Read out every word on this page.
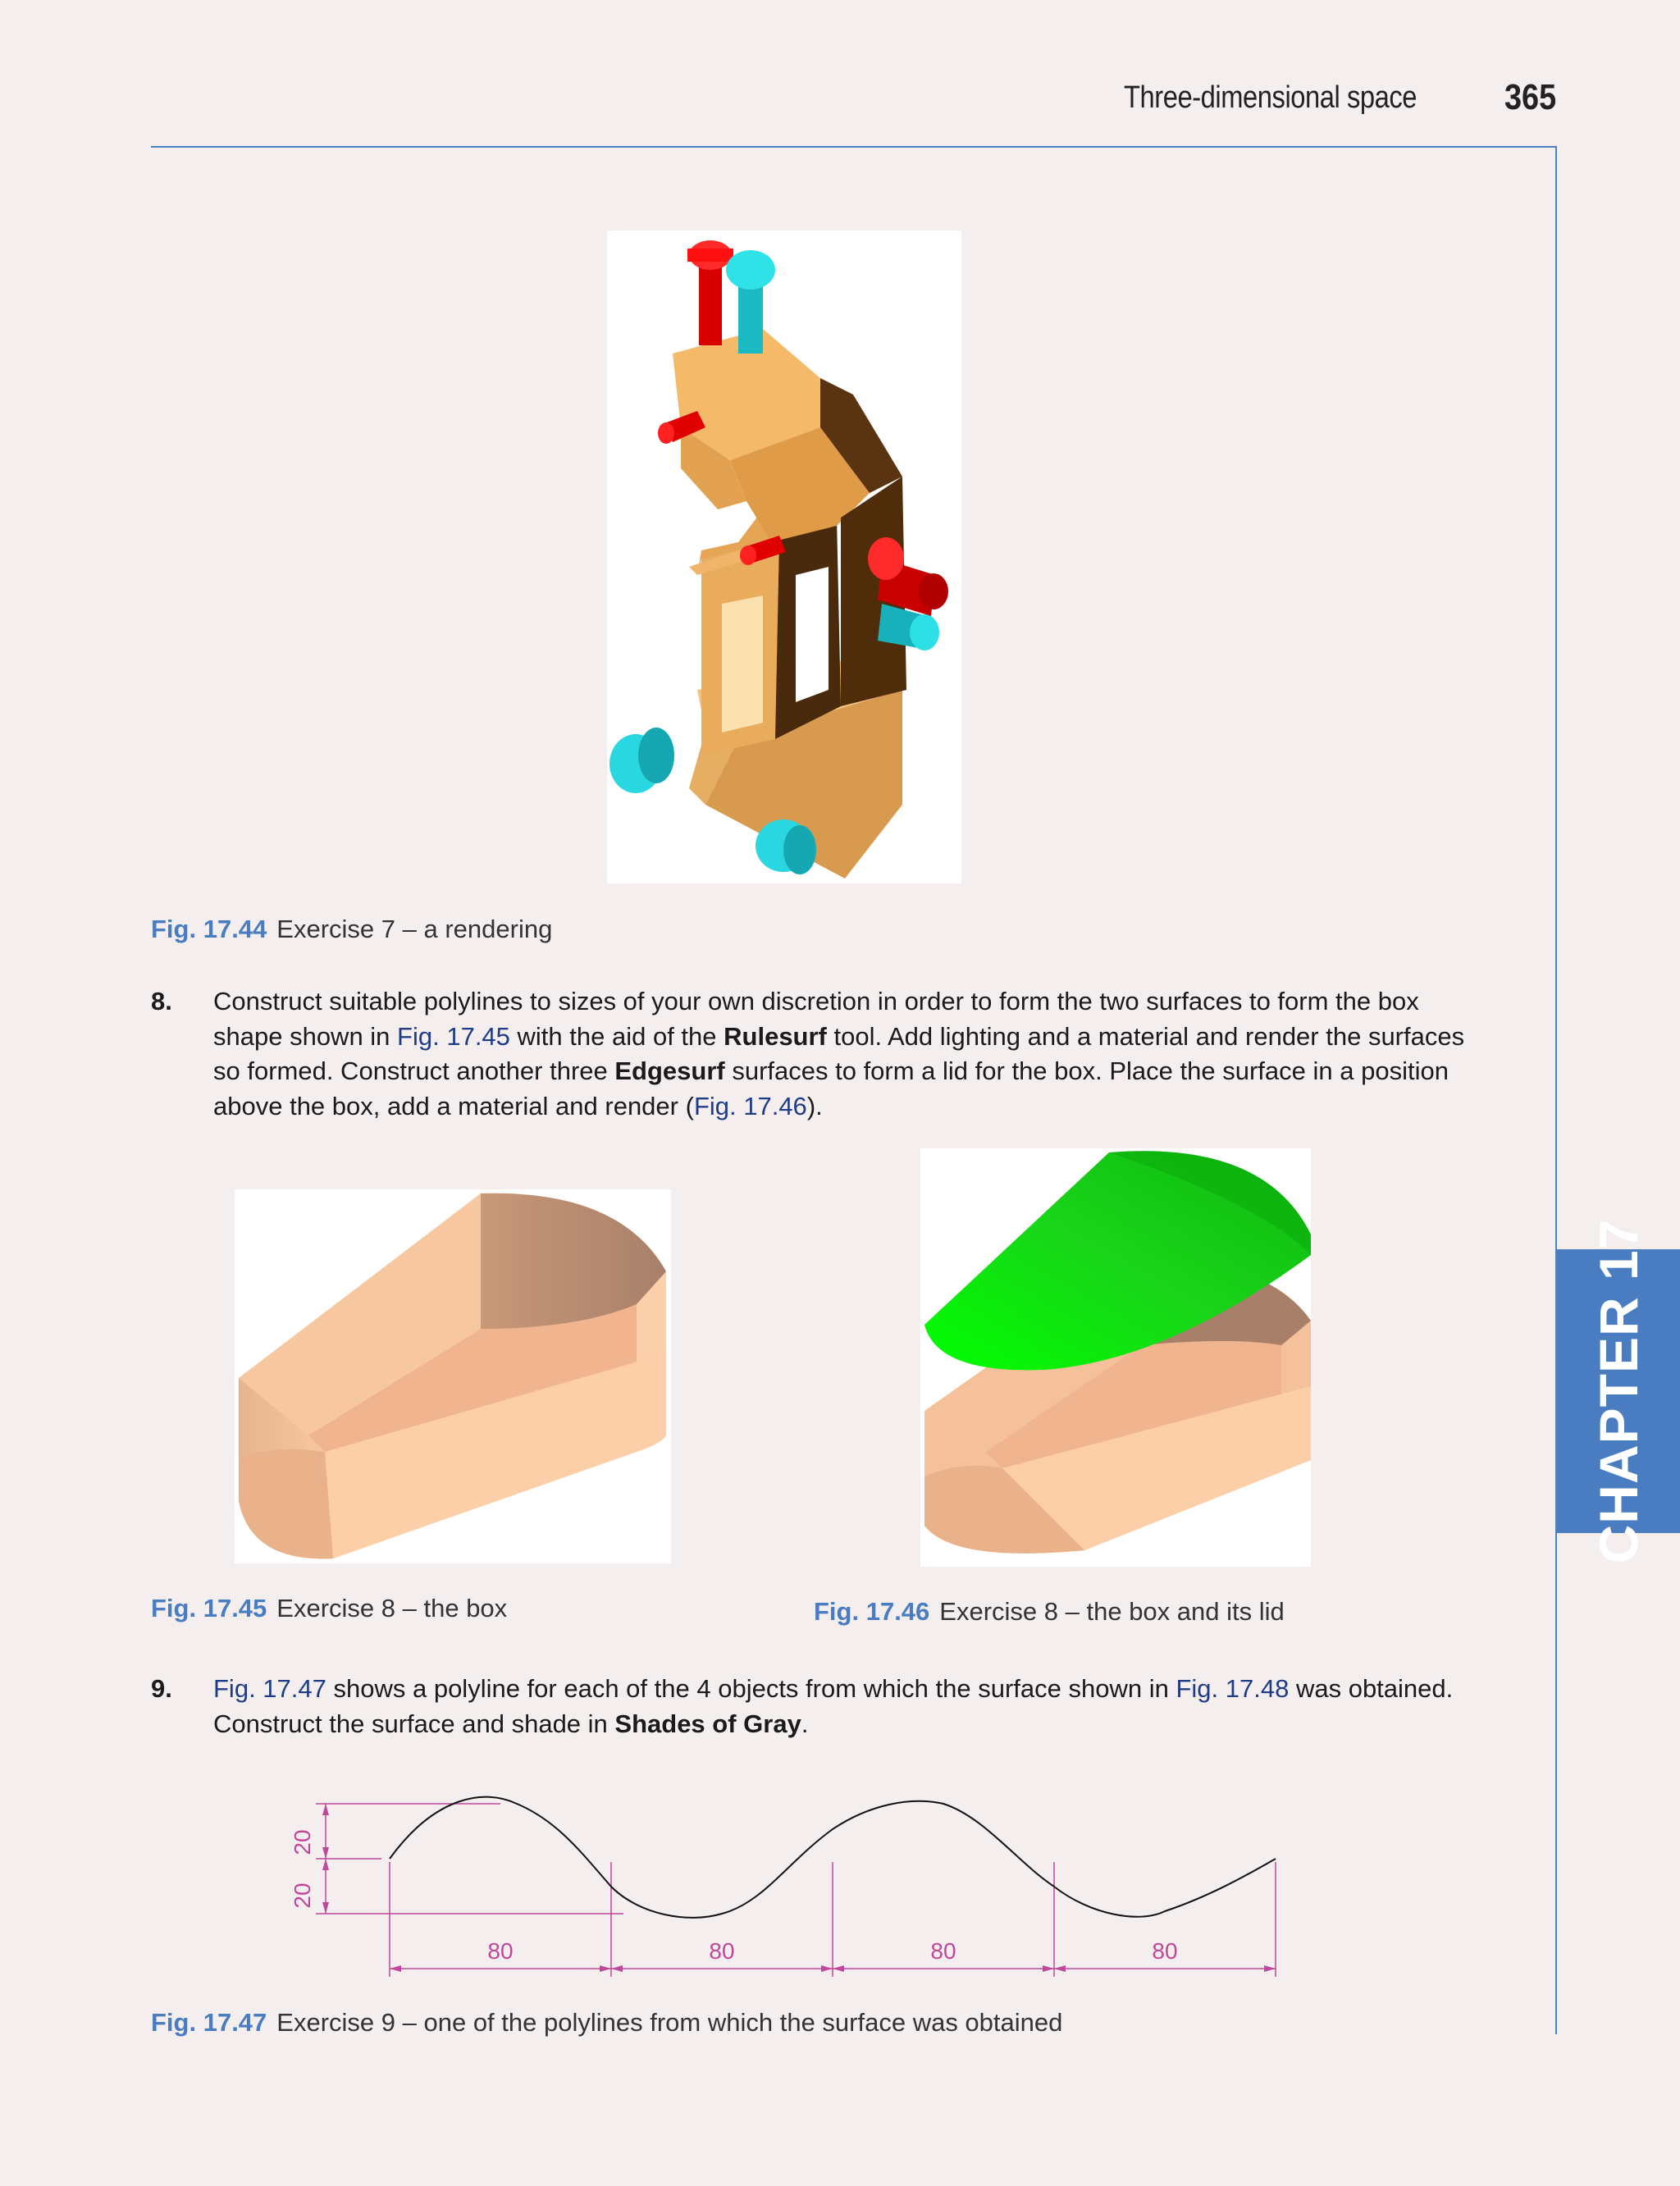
Three-dimensional space 365
CHAPTER 17
Fig. 17.44 Exercise 7 – a rendering
8. Construct suitable polylines to sizes of your own discretion in order to form the two surfaces to form the box shape shown in Fig. 17.45 with the aid of the Rulesurf tool. Add lighting and a material and render the surfaces so formed. Construct another three Edgesurf surfaces to form a lid for the box. Place the surface in a position above the box, add a material and render (Fig. 17.46).
Fig. 17.45 Exercise 8 – the box	Fig. 17.46 Exercise 8 – the box and its lid
9. Fig. 17.47 shows a polyline for each of the 4 objects from which the surface shown in Fig. 17.48 was obtained. Construct the surface and shade in Shades of Gray.
20
20
80	80	80	80
Fig. 17.47 Exercise 9 – one of the polylines from which the surface was obtained
